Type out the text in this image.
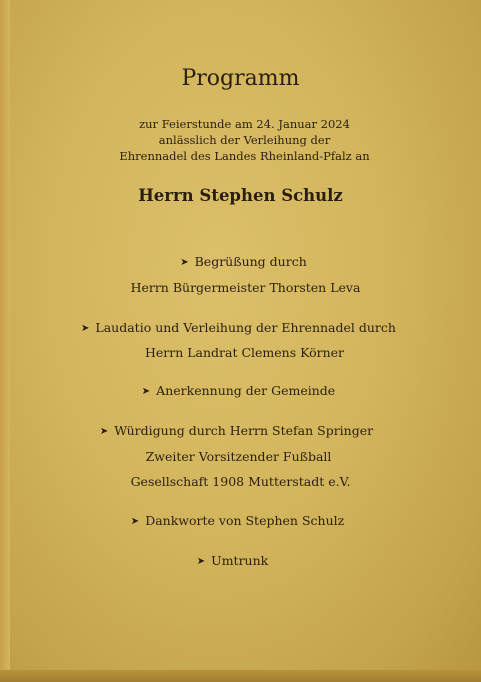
Programm
zur Feierstunde am 24. Januar 2024
anlässlich der Verleihung der
Ehrennadel des Landes Rheinland-Pfalz an
Herrn Stephen Schulz
➤ Begrüßung durch
Herrn Bürgermeister Thorsten Leva
➤ Laudatio und Verleihung der Ehrennadel durch
Herrn Landrat Clemens Körner
➤ Anerkennung der Gemeinde
➤ Würdigung durch Herrn Stefan Springer
Zweiter Vorsitzender Fußball
Gesellschaft 1908 Mutterstadt e.V.
➤ Dankworte von Stephen Schulz
➤ Umtrunk
